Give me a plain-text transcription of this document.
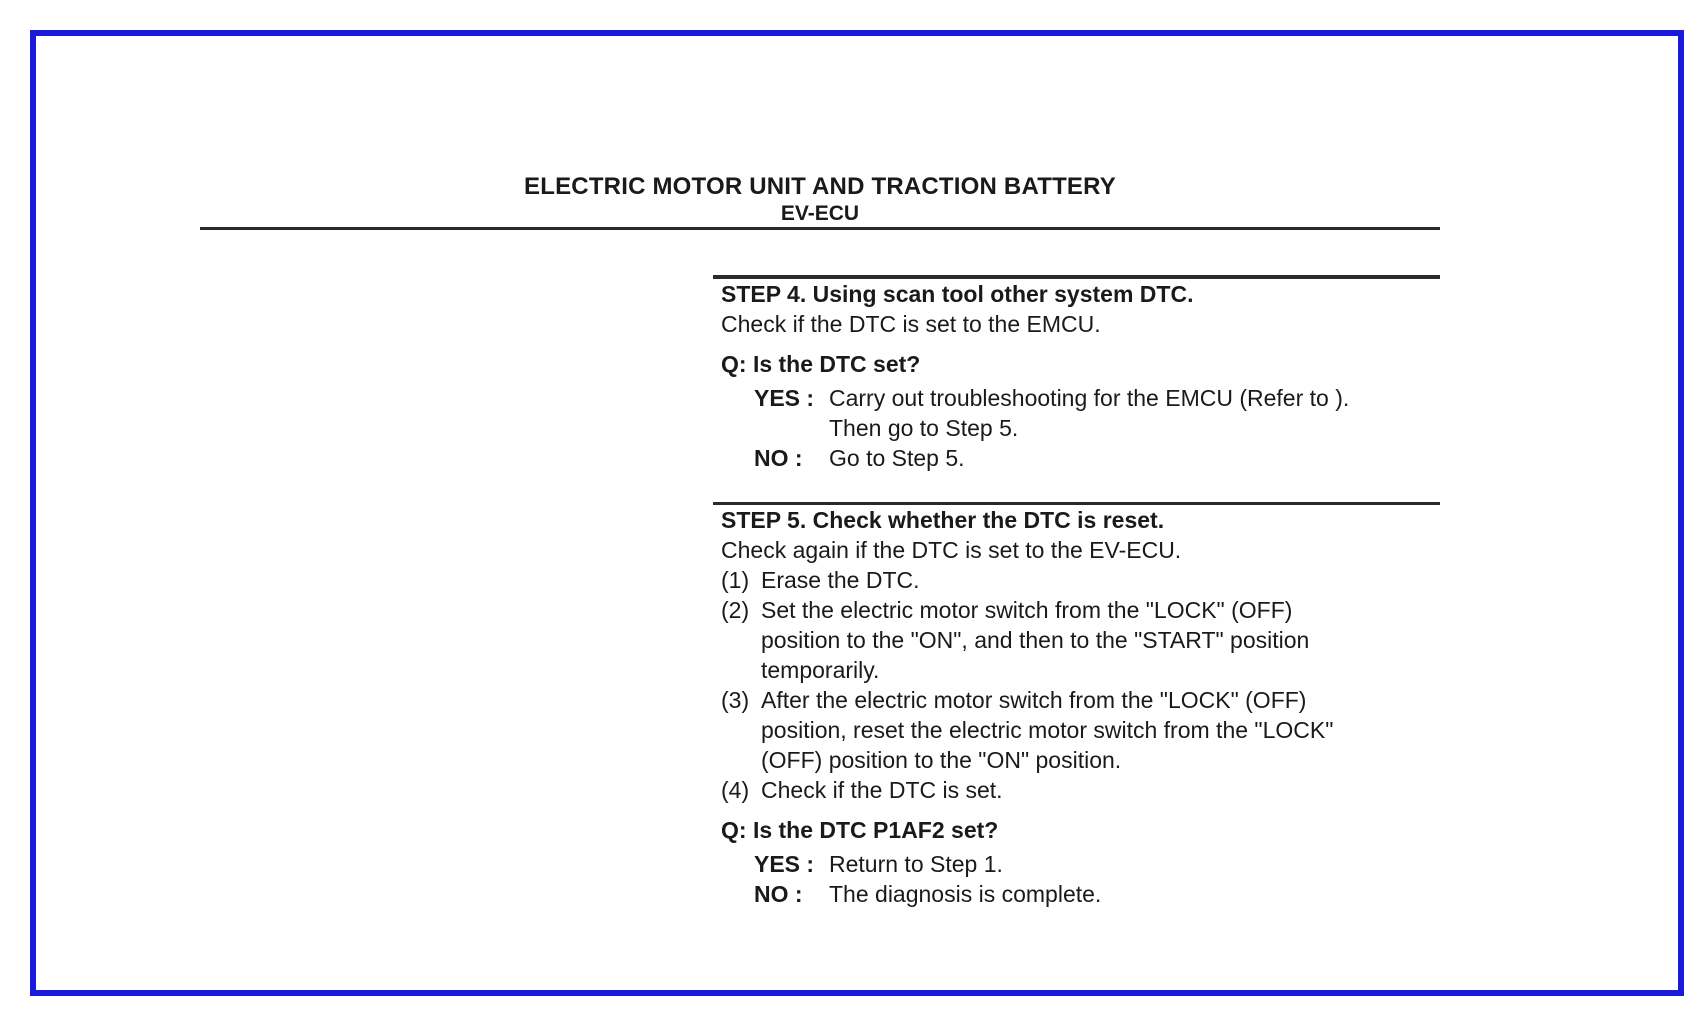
ELECTRIC MOTOR UNIT AND TRACTION BATTERY
EV-ECU
STEP 4. Using scan tool other system DTC.
Check if the DTC is set to the EMCU.
Q: Is the DTC set?
YES : Carry out troubleshooting for the EMCU (Refer to ).
Then go to Step 5.
NO :	Go to Step 5.
STEP 5. Check whether the DTC is reset.
Check again if the DTC is set to the EV-ECU.
(1) Erase the DTC.
(2) Set the electric motor switch from the "LOCK" (OFF)
position to the "ON", and then to the "START" position
temporarily.
(3) After the electric motor switch from the "LOCK" (OFF)
position, reset the electric motor switch from the "LOCK"
(OFF) position to the "ON" position.
(4) Check if the DTC is set.
Q: Is the DTC P1AF2 set?
YES : Return to Step 1.
NO :	The diagnosis is complete.
